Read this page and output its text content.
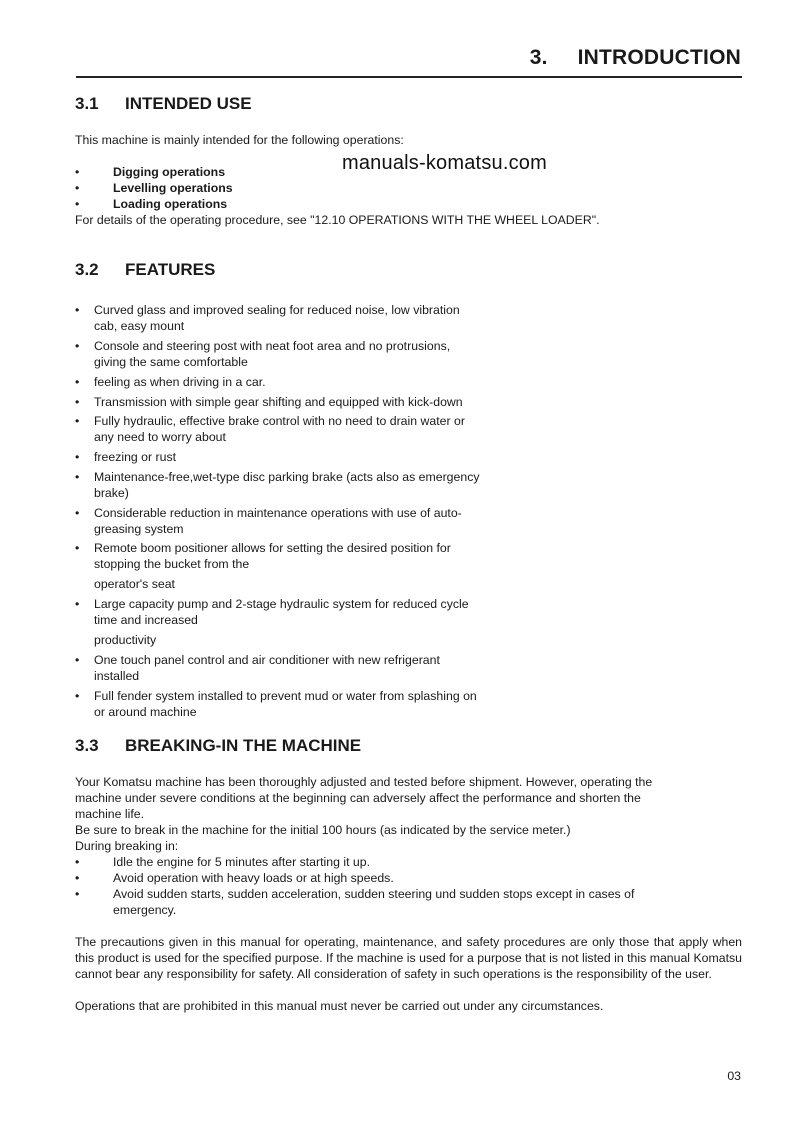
3. INTRODUCTION
3.1 INTENDED USE
This machine is mainly intended for the following operations:
•	Digging operations
•	Levelling operations
•	Loading operations
manuals-komatsu.com
For details of the operating procedure, see "12.10 OPERATIONS WITH THE WHEEL LOADER".
3.2 FEATURES
• Curved glass and improved sealing for reduced noise, low vibration
cab, easy mount
• Console and steering post with neat foot area and no protrusions,
giving the same comfortable
• feeling as when driving in a car.
• Transmission with simple gear shifting and equipped with kick-down
• Fully hydraulic, effective brake control with no need to drain water or
any need to worry about
• freezing or rust
• Maintenance-free,wet-type disc parking brake (acts also as emergency
brake)
• Considerable reduction in maintenance operations with use of auto-
greasing system
• Remote boom positioner allows for setting the desired position for
stopping the bucket from the
operator's seat
• Large capacity pump and 2-stage hydraulic system for reduced cycle
time and increased
productivity
• One touch panel control and air conditioner with new refrigerant
installed
• Full fender system installed to prevent mud or water from splashing on
or around machine
3.3 BREAKING-IN THE MACHINE
Your Komatsu machine has been thoroughly adjusted and tested before shipment. However, operating the
machine under severe conditions at the beginning can adversely affect the performance and shorten the
machine life.
Be sure to break in the machine for the initial 100 hours (as indicated by the service meter.)
During breaking in:
•	Idle the engine for 5 minutes after starting it up.
•	Avoid operation with heavy loads or at high speeds.
•	Avoid sudden starts, sudden acceleration, sudden steering und sudden stops except in cases of
emergency.
The precautions given in this manual for operating, maintenance, and safety procedures are only those that apply when this product is used for the specified purpose. If the machine is used for a purpose that is not listed in this manual Komatsu cannot bear any responsibility for safety. All consideration of safety in such operations is the responsibility of the user.
Operations that are prohibited in this manual must never be carried out under any circumstances.
03
